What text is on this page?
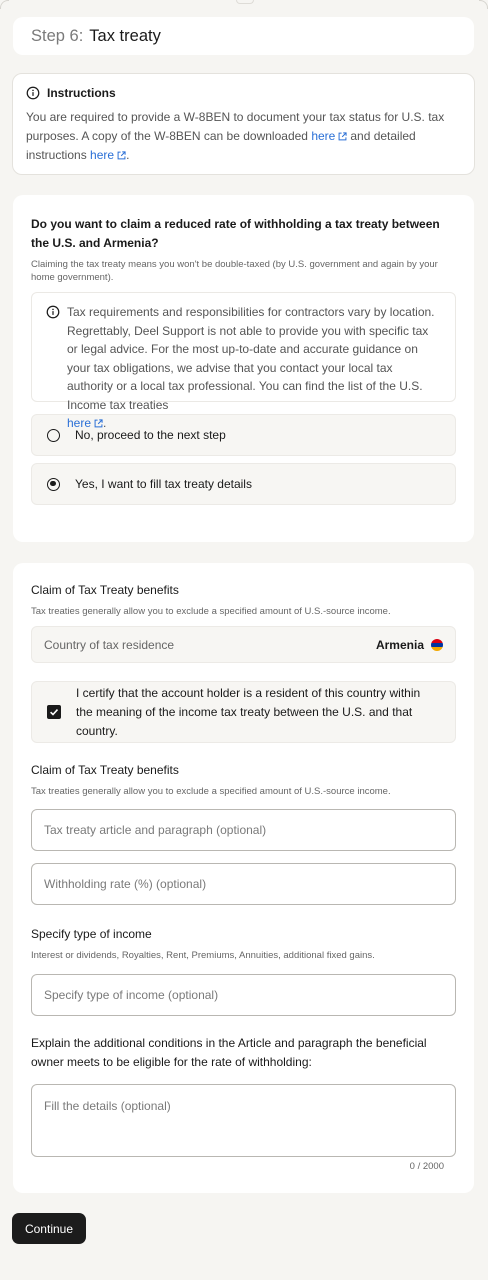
Step 6: Tax treaty
Instructions
You are required to provide a W-8BEN to document your tax status for U.S. tax purposes. A copy of the W-8BEN can be downloaded here and detailed instructions here .

Do you want to claim a reduced rate of withholding a tax treaty between the U.S. and Armenia?

Claiming the tax treaty means you won't be double-taxed (by U.S. government and again by your home government).
Tax requirements and responsibilities for contractors vary by location. Regrettably, Deel Support is not able to provide you with specific tax or legal advice. For the most up-to-date and accurate guidance on your tax obligations, we advise that you contact your local tax authority or a local tax professional. You can find the list of the U.S. Income tax treaties
here .
No, proceed to the next step
Yes, I want to fill tax treaty details

Claim of Tax Treaty benefits

Tax treaties generally allow you to exclude a specified amount of U.S.-source income.
Country of tax residence	Armenia
I certify that the account holder is a resident of this country within the meaning of the income tax treaty between the U.S. and that country.

Claim of Tax Treaty benefits

Tax treaties generally allow you to exclude a specified amount of U.S.-source income.
Tax treaty article and paragraph (optional) Withholding rate (%) (optional)

Specify type of income

Interest or dividends, Royalties, Rent, Premiums, Annuities, additional fixed gains.
Specify type of income (optional)
Explain the additional conditions in the Article and paragraph the beneficial owner meets to be eligible for the rate of withholding:
Fill the details (optional)
0 / 2000
Continue
